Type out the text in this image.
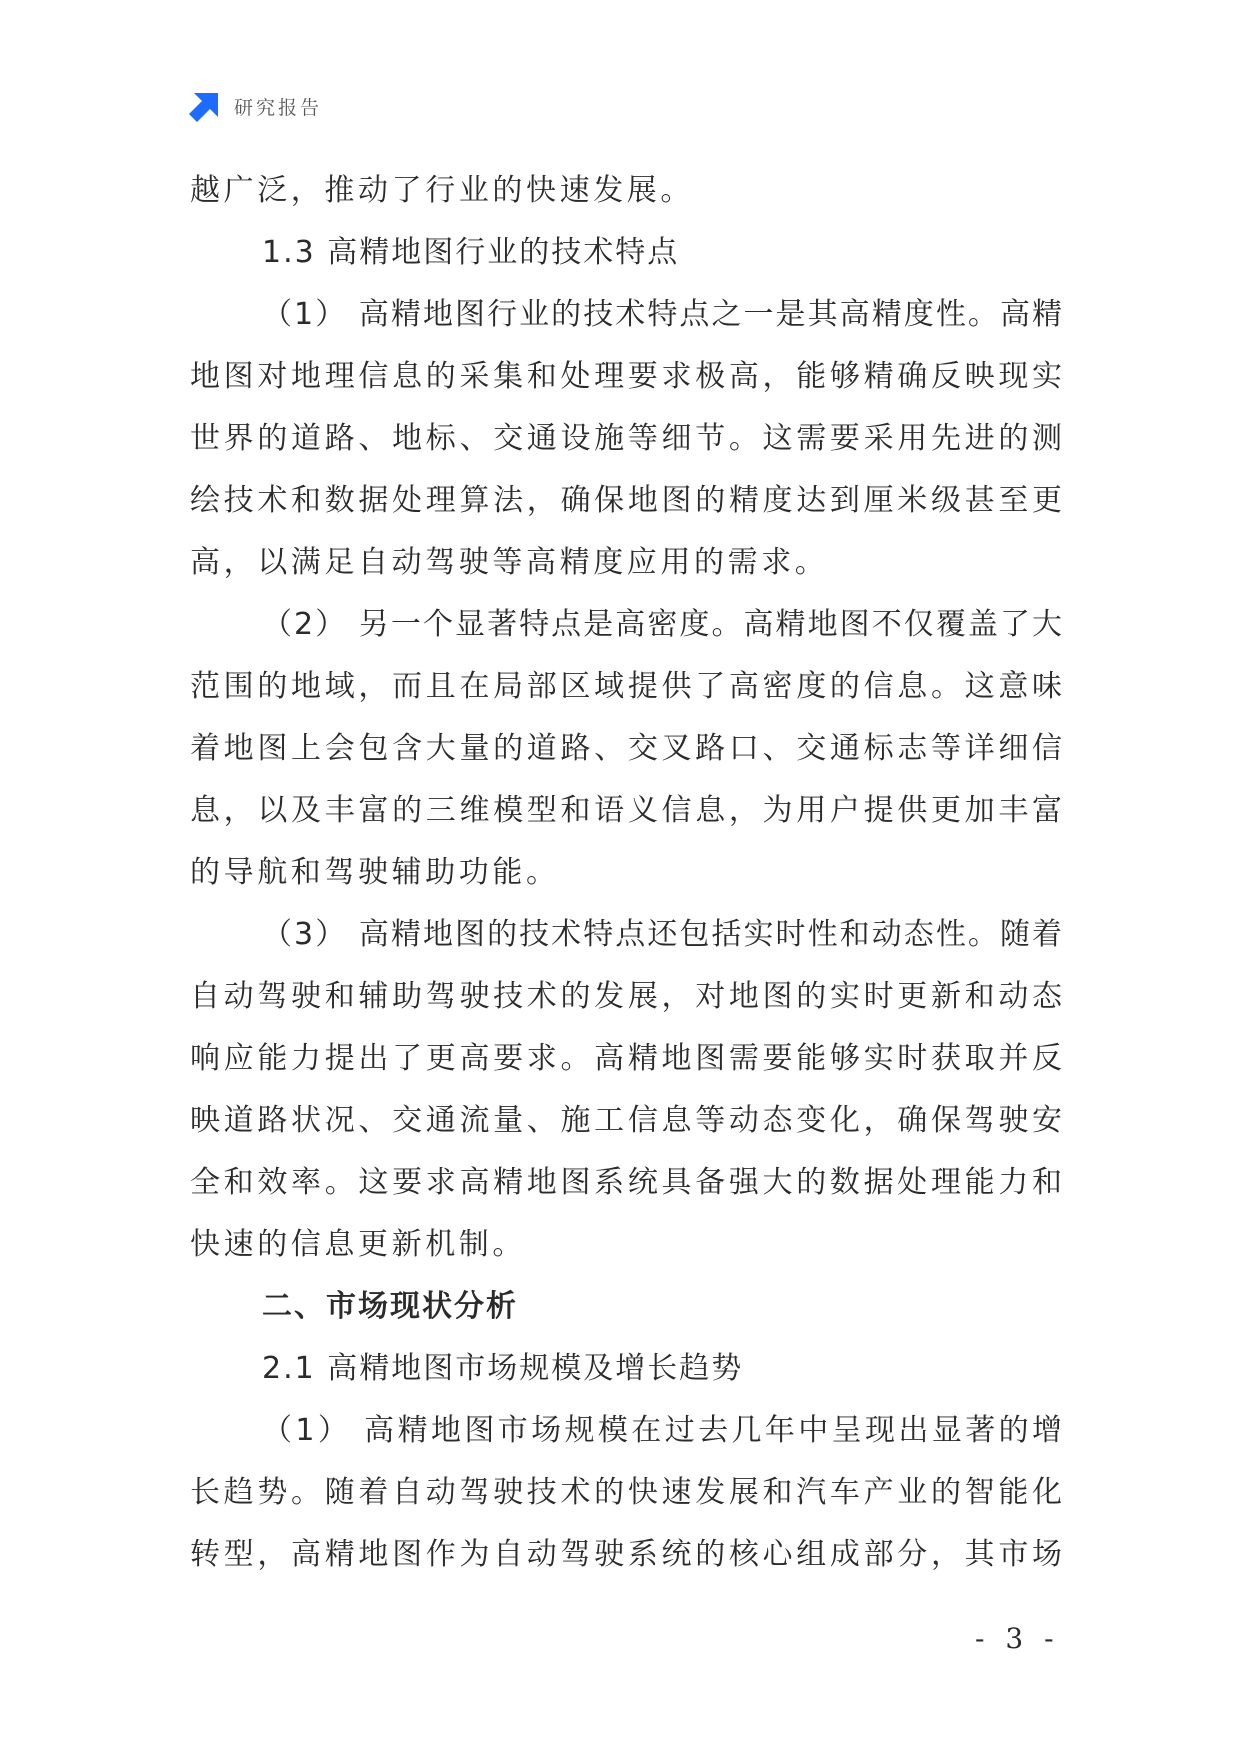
研究报告
越广泛，推动了行业的快速发展。
1.3 高精地图行业的技术特点
（1） 高精地图行业的技术特点之一是其高精度性。高精
地图对地理信息的采集和处理要求极高，能够精确反映现实
世界的道路、地标、交通设施等细节。这需要采用先进的测
绘技术和数据处理算法，确保地图的精度达到厘米级甚至更
高，以满足自动驾驶等高精度应用的需求。
（2） 另一个显著特点是高密度。高精地图不仅覆盖了大
范围的地域，而且在局部区域提供了高密度的信息。这意味
着地图上会包含大量的道路、交叉路口、交通标志等详细信
息，以及丰富的三维模型和语义信息，为用户提供更加丰富
的导航和驾驶辅助功能。
（3） 高精地图的技术特点还包括实时性和动态性。随着
自动驾驶和辅助驾驶技术的发展，对地图的实时更新和动态
响应能力提出了更高要求。高精地图需要能够实时获取并反
映道路状况、交通流量、施工信息等动态变化，确保驾驶安
全和效率。这要求高精地图系统具备强大的数据处理能力和
快速的信息更新机制。
二、市场现状分析
2.1 高精地图市场规模及增长趋势
（1） 高精地图市场规模在过去几年中呈现出显著的增
长趋势。随着自动驾驶技术的快速发展和汽车产业的智能化
转型，高精地图作为自动驾驶系统的核心组成部分，其市场
- 3 -
